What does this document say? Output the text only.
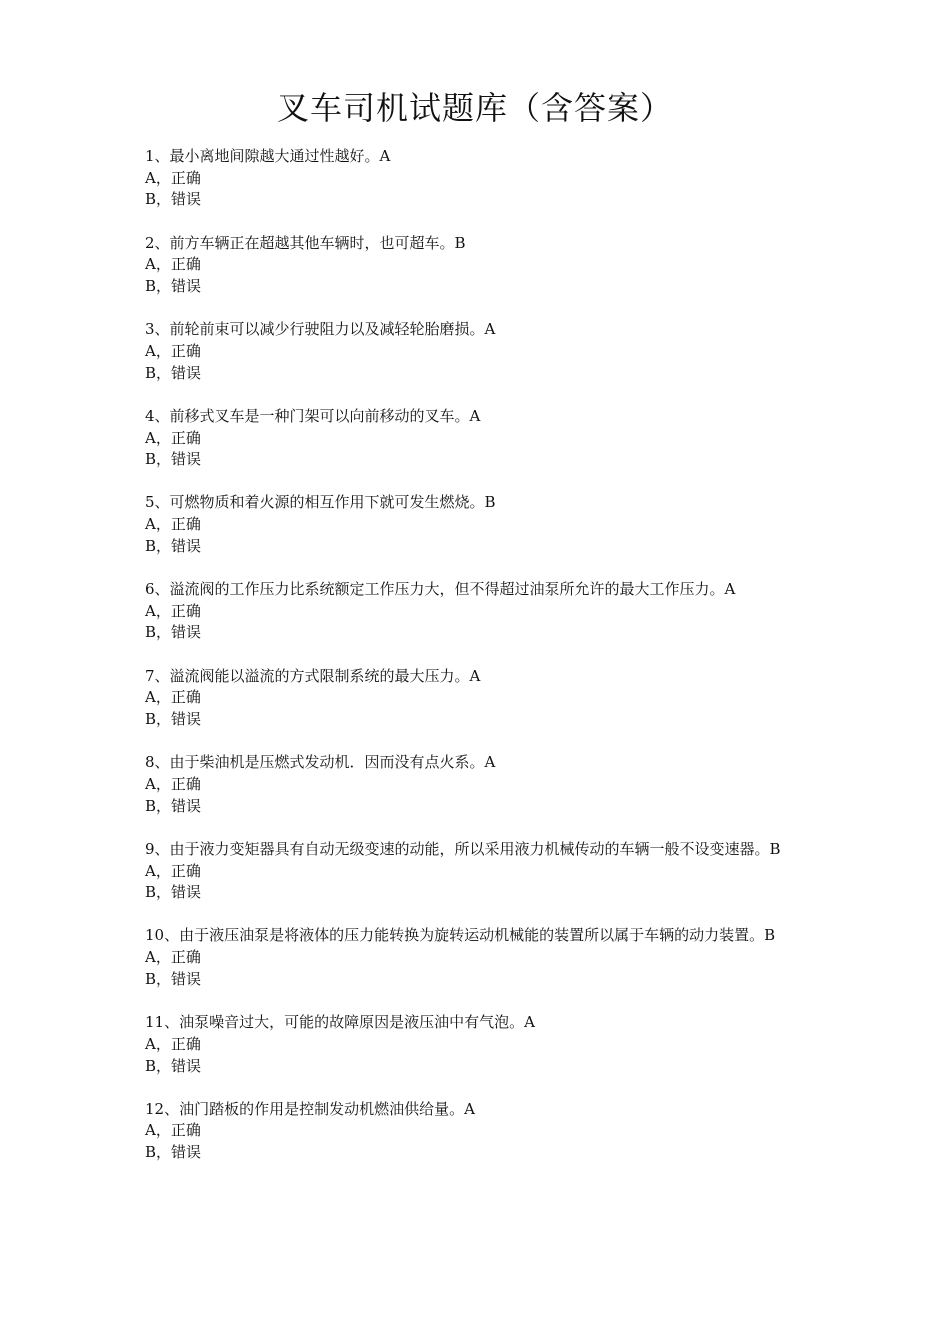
叉车司机试题库（含答案）
1、最小离地间隙越大通过性越好。A
A，正确
B，错误
2、前方车辆正在超越其他车辆时，也可超车。B
A，正确
B，错误
3、前轮前束可以减少行驶阻力以及减轻轮胎磨损。A
A，正确
B，错误
4、前移式叉车是一种门架可以向前移动的叉车。A
A，正确
B，错误
5、可燃物质和着火源的相互作用下就可发生燃烧。B
A，正确
B，错误
6、溢流阀的工作压力比系统额定工作压力大，但不得超过油泵所允许的最大工作压力。A
A，正确
B，错误
7、溢流阀能以溢流的方式限制系统的最大压力。A
A，正确
B，错误
8、由于柴油机是压燃式发动机．因而没有点火系。A
A，正确
B，错误
9、由于液力变矩器具有自动无级变速的动能，所以采用液力机械传动的车辆一般不设变速器。B
A，正确
B，错误
10、由于液压油泵是将液体的压力能转换为旋转运动机械能的装置所以属于车辆的动力装置。B
A，正确
B，错误
11、油泵噪音过大，可能的故障原因是液压油中有气泡。A
A，正确
B，错误
12、油门踏板的作用是控制发动机燃油供给量。A
A，正确
B，错误
